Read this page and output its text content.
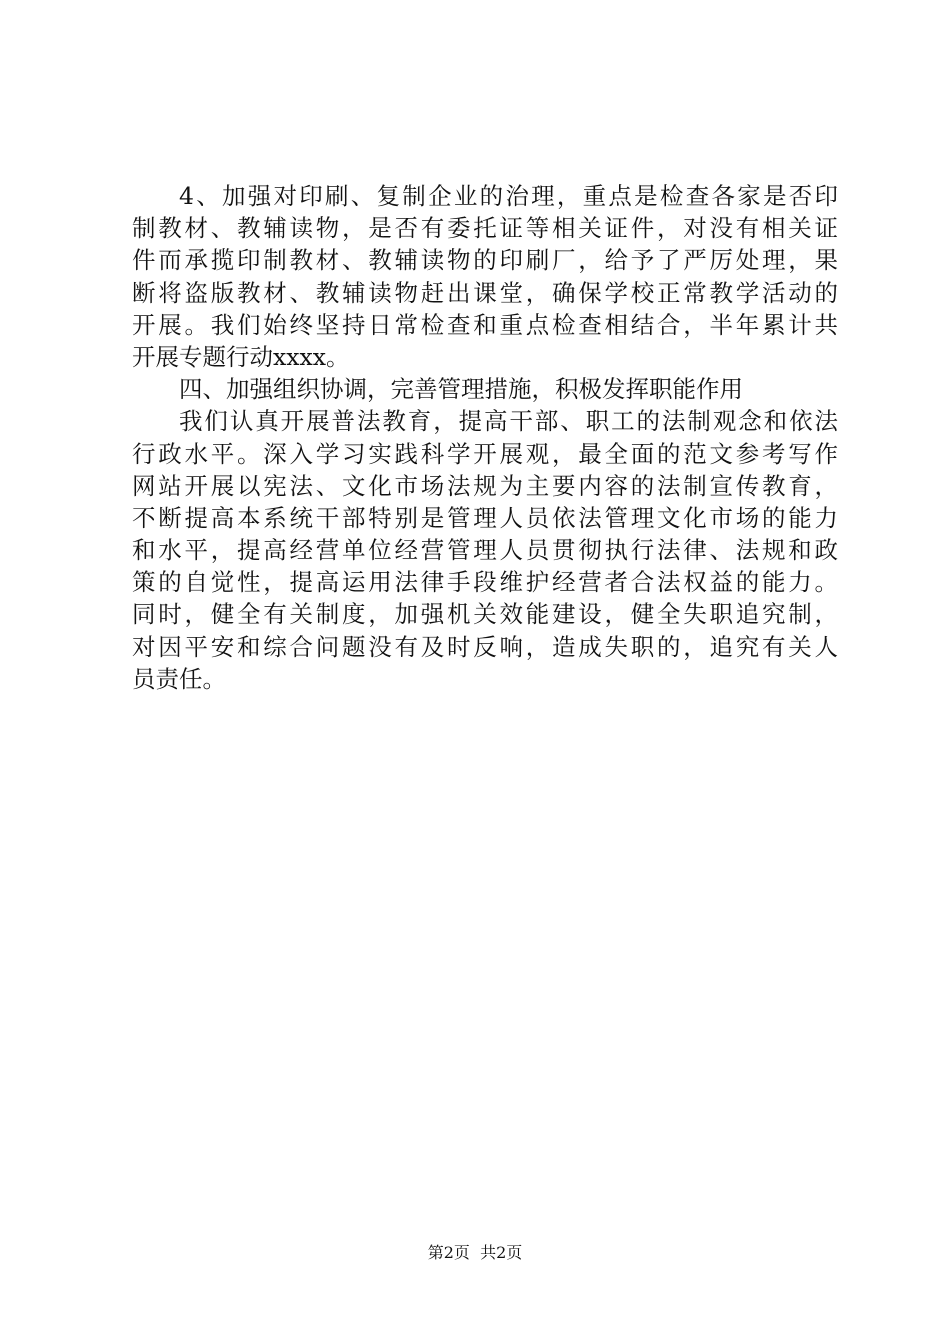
4、加强对印刷、复制企业的治理，重点是检查各家是否印
制教材、教辅读物，是否有委托证等相关证件，对没有相关证
件而承揽印制教材、教辅读物的印刷厂，给予了严厉处理，果
断将盗版教材、教辅读物赶出课堂，确保学校正常教学活动的
开展。我们始终坚持日常检查和重点检查相结合，半年累计共
开展专题行动xxxx。
四、加强组织协调，完善管理措施，积极发挥职能作用
我们认真开展普法教育，提高干部、职工的法制观念和依法
行政水平。深入学习实践科学开展观，最全面的范文参考写作
网站开展以宪法、文化市场法规为主要内容的法制宣传教育，
不断提高本系统干部特别是管理人员依法管理文化市场的能力
和水平，提高经营单位经营管理人员贯彻执行法律、法规和政
策的自觉性，提高运用法律手段维护经营者合法权益的能力。
同时，健全有关制度，加强机关效能建设，健全失职追究制，
对因平安和综合问题没有及时反响，造成失职的，追究有关人
员责任。
第2页  共2页
